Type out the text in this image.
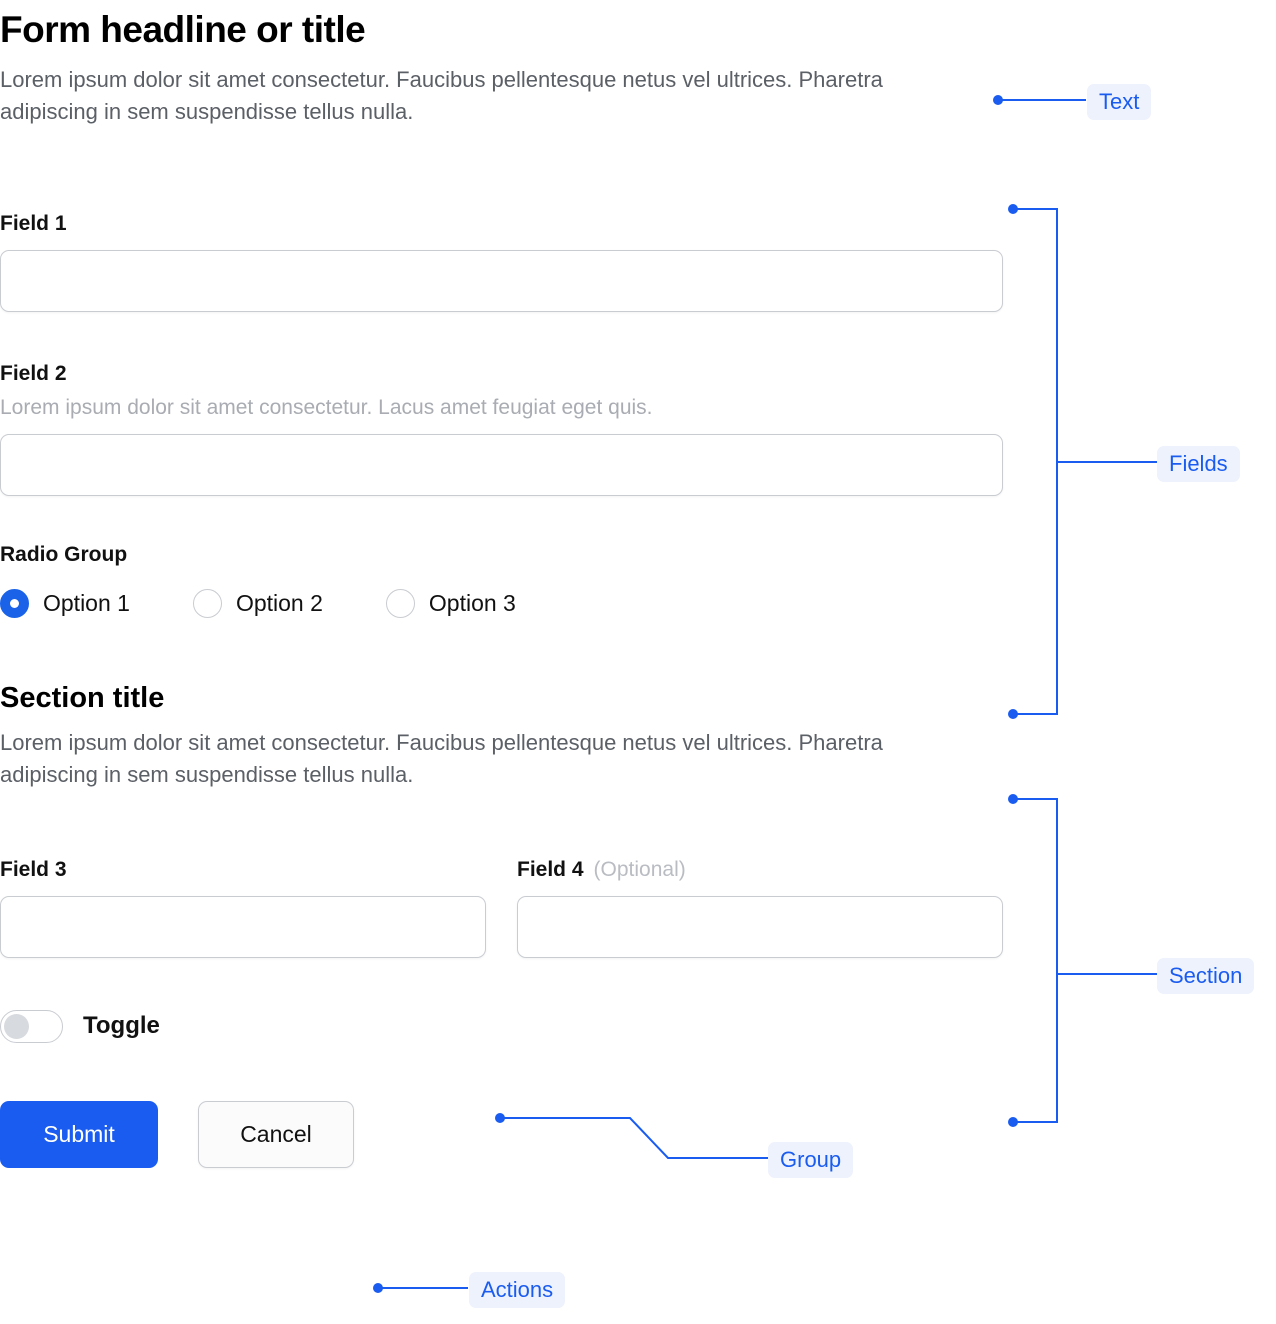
Form headline or title

Lorem ipsum dolor sit amet consectetur. Faucibus pellentesque netus vel ultrices. Pharetra adipiscing in sem suspendisse tellus nulla.

Field 1
Field 2
Lorem ipsum dolor sit amet consectetur. Lacus amet feugiat eget quis.
Radio Group
Option 1	Option 2	Option 3
Section title

Lorem ipsum dolor sit amet consectetur. Faucibus pellentesque netus vel ultrices. Pharetra adipiscing in sem suspendisse tellus nulla.

Field 3	Field 4 (Optional)
Toggle
Submit	Cancel
Text
Fields
Section
Group
Actions
